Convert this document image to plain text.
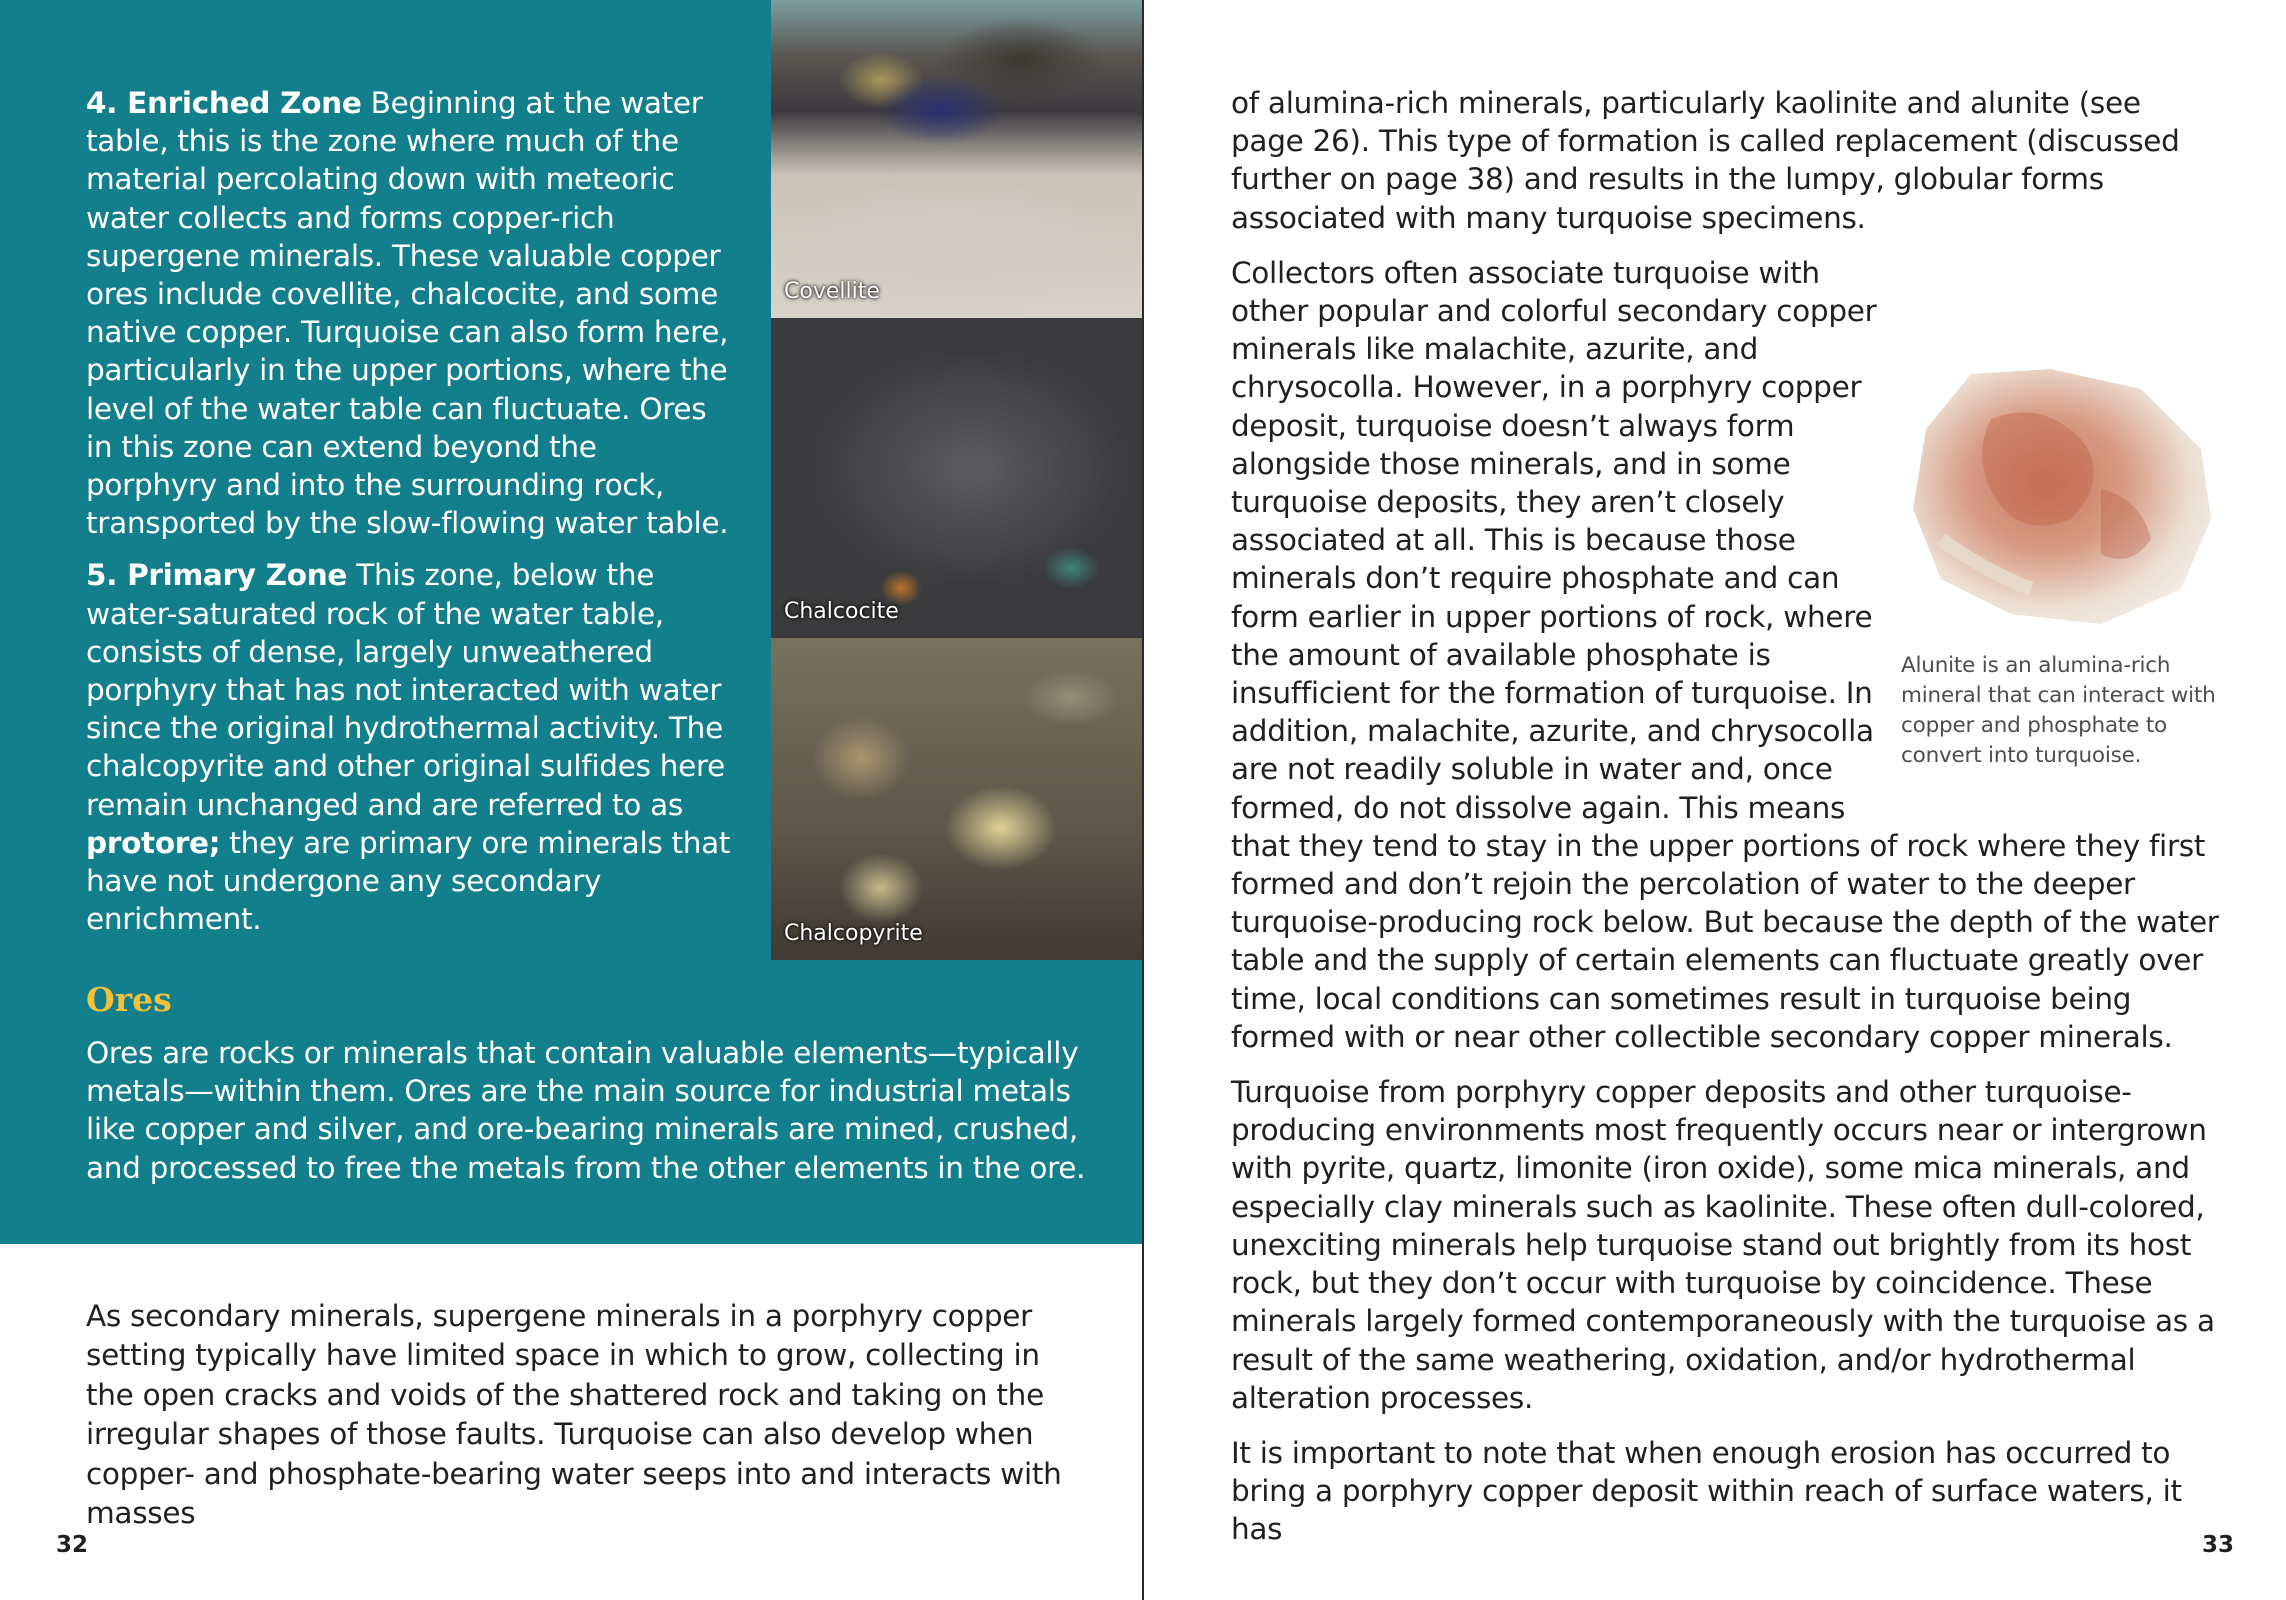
4. Enriched Zone Beginning at the water table, this is the zone where much of the material percolating down with meteoric water collects and forms copper-rich supergene minerals. These valuable copper ores include covellite, chalcocite, and some native copper. Turquoise can also form here, particularly in the upper portions, where the level of the water table can fluctuate. Ores in this zone can extend beyond the porphyry and into the surrounding rock, transported by the slow-flowing water table.

5. Primary Zone This zone, below the water-saturated rock of the water table, consists of dense, largely unweathered porphyry that has not interacted with water since the original hydrothermal activity. The chalcopyrite and other original sulfides here remain unchanged and are referred to as protore; they are primary ore minerals that have not undergone any secondary enrichment.

Covellite
Chalcocite
Chalcopyrite
Ores

Ores are rocks or minerals that contain valuable elements—typically metals—within them. Ores are the main source for industrial metals like copper and silver, and ore-bearing minerals are mined, crushed, and processed to free the metals from the other elements in the ore.

As secondary minerals, supergene minerals in a porphyry copper setting typically have limited space in which to grow, collecting in the open cracks and voids of the shattered rock and taking on the irregular shapes of those faults. Turquoise can also develop when copper- and phosphate-bearing water seeps into and interacts with masses

32

of alumina-rich minerals, particularly kaolinite and alunite (see page 26). This type of formation is called replacement (discussed further on page 38) and results in the lumpy, globular forms associated with many turquoise specimens.

Alunite is an alumina-rich mineral that can interact with copper and phosphate to convert into turquoise.

Collectors often associate turquoise with other popular and colorful secondary copper minerals like malachite, azurite, and chrysocolla. However, in a porphyry copper deposit, turquoise doesn’t always form alongside those minerals, and in some turquoise deposits, they aren’t closely associated at all. This is because those minerals don’t require phosphate and can form earlier in upper portions of rock, where the amount of available phosphate is insufficient for the formation of turquoise. In addition, malachite, azurite, and chrysocolla are not readily soluble in water and, once formed, do not dissolve again. This means that they tend to stay in the upper portions of rock where they first formed and don’t rejoin the percolation of water to the deeper turquoise-producing rock below. But because the depth of the water table and the supply of certain elements can fluctuate greatly over time, local conditions can sometimes result in turquoise being formed with or near other collectible secondary copper minerals.

Turquoise from porphyry copper deposits and other turquoise-producing environments most frequently occurs near or intergrown with pyrite, quartz, limonite (iron oxide), some mica minerals, and especially clay minerals such as kaolinite. These often dull-colored, unexciting minerals help turquoise stand out brightly from its host rock, but they don’t occur with turquoise by coincidence. These minerals largely formed contemporaneously with the turquoise as a result of the same weathering, oxidation, and/or hydrothermal alteration processes.

It is important to note that when enough erosion has occurred to bring a porphyry copper deposit within reach of surface waters, it has	33
